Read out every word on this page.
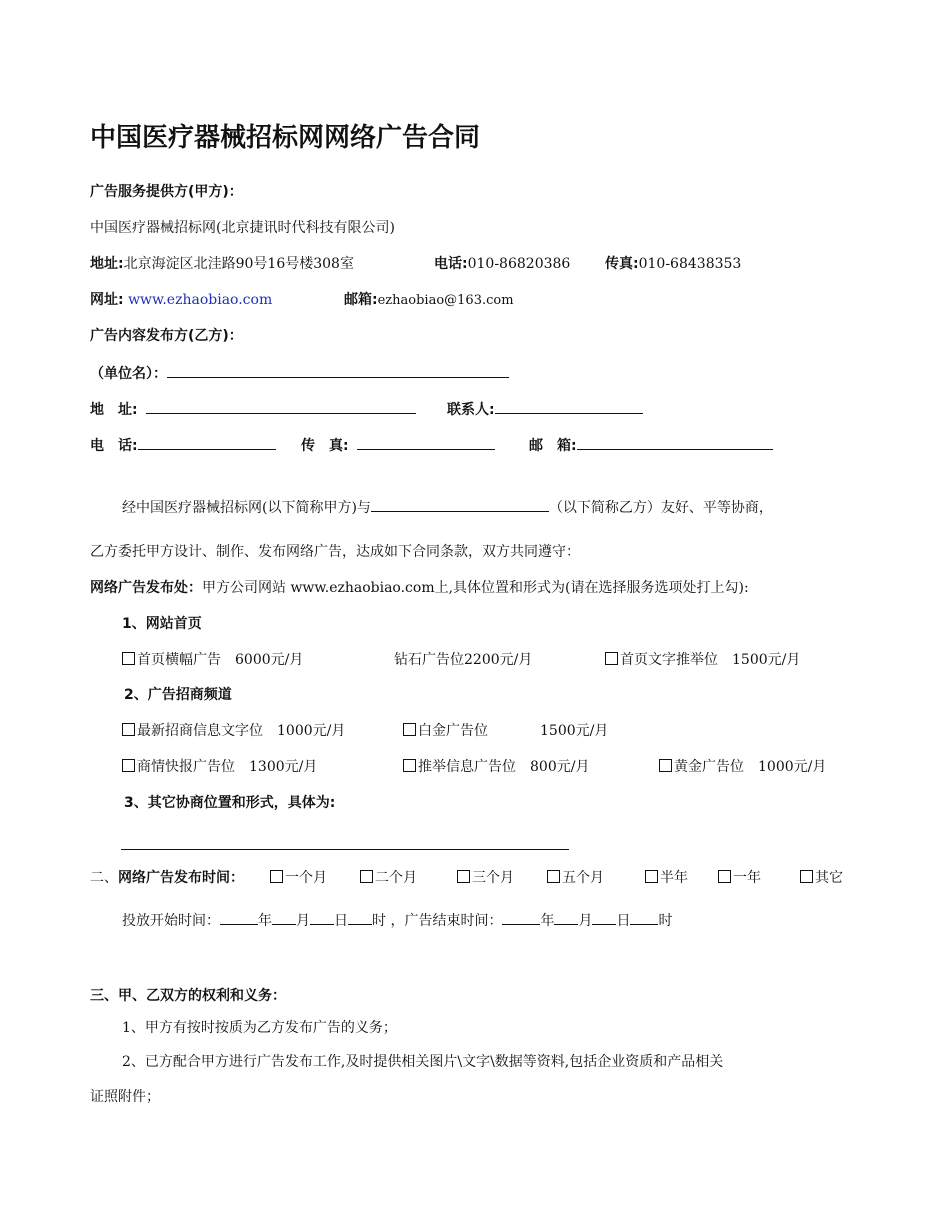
中国医疗器械招标网网络广告合同
广告服务提供方(甲方)：
中国医疗器械招标网(北京捷讯时代科技有限公司)
地址:北京海淀区北洼路90号16号楼308室	电话:010-86820386 传真:010-68438353
网址: www.ezhaobiao.com	邮箱:ezhaobiao@163.com
广告内容发布方(乙方)：
（单位名）：
地　址:	联系人:
电　话:	传　真:	邮　箱:
经中国医疗器械招标网(以下简称甲方)与	（以下简称乙方）友好、平等协商，
乙方委托甲方设计、制作、发布网络广告，达成如下合同条款，双方共同遵守：
网络广告发布处：甲方公司网站 www.ezhaobiao.com上,具体位置和形式为(请在选择服务选项处打上勾):
1、网站首页
首页横幅广告　6000元/月	钻石广告位2200元/月	首页文字推举位　1500元/月
2、广告招商频道
最新招商信息文字位　1000元/月	白金广告位	1500元/月
商情快报广告位　1300元/月	推举信息广告位　800元/月	黄金广告位　1000元/月
3、其它协商位置和形式，具体为:
二、网络广告发布时间：	一个月	二个月	三个月	五个月	半年	一年	其它
投放开始时间：	年 月 日 时 ，广告结束时间：	年 月 日 时
三、甲、乙双方的权利和义务：
1、甲方有按时按质为乙方发布广告的义务；
2、已方配合甲方进行广告发布工作,及时提供相关图片\文字\数据等资料,包括企业资质和产品相关
证照附件；
